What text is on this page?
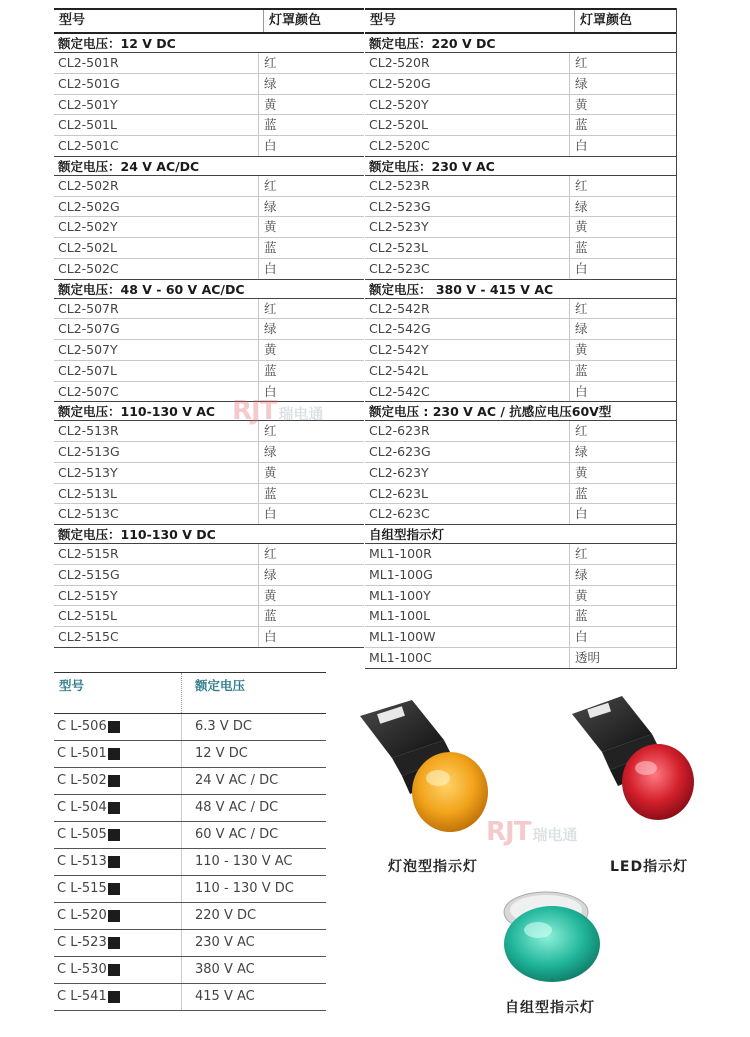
型号	灯罩颜色
额定电压：12 V DC
CL2-501R	红
CL2-501G	绿
CL2-501Y	黄
CL2-501L	蓝
CL2-501C	白
额定电压：24 V AC/DC
CL2-502R	红
CL2-502G	绿
CL2-502Y	黄
CL2-502L	蓝
CL2-502C	白
额定电压：48 V - 60 V AC/DC
CL2-507R	红
CL2-507G	绿
CL2-507Y	黄
CL2-507L	蓝
CL2-507C	白
额定电压：110-130 V AC
CL2-513R	红
CL2-513G	绿
CL2-513Y	黄
CL2-513L	蓝
CL2-513C	白
额定电压：110-130 V DC
CL2-515R	红
CL2-515G	绿
CL2-515Y	黄
CL2-515L	蓝
CL2-515C	白
型号	灯罩颜色
额定电压：220 V DC
CL2-520R	红
CL2-520G	绿
CL2-520Y	黄
CL2-520L	蓝
CL2-520C	白
额定电压：230 V AC
CL2-523R	红
CL2-523G	绿
CL2-523Y	黄
CL2-523L	蓝
CL2-523C	白
额定电压： 380 V - 415 V AC
CL2-542R	红
CL2-542G	绿
CL2-542Y	黄
CL2-542L	蓝
CL2-542C	白
额定电压 : 230 V AC / 抗感应电压60V型
CL2-623R	红
CL2-623G	绿
CL2-623Y	黄
CL2-623L	蓝
CL2-623C	白
自组型指示灯
ML1-100R	红
ML1-100G	绿
ML1-100Y	黄
ML1-100L	蓝
ML1-100W	白
ML1-100C	透明
型号	额定电压
C L-506	6.3 V DC
C L-501	12 V DC
C L-502	24 V AC / DC
C L-504	48 V AC / DC
C L-505	60 V AC / DC
C L-513	110 - 130 V AC
C L-515	110 - 130 V DC
C L-520	220 V DC
C L-523	230 V AC
C L-530	380 V AC
C L-541	415 V AC
灯泡型指示灯	LED指示灯
自组型指示灯
RJT 瑞电通
RJT 瑞电通
